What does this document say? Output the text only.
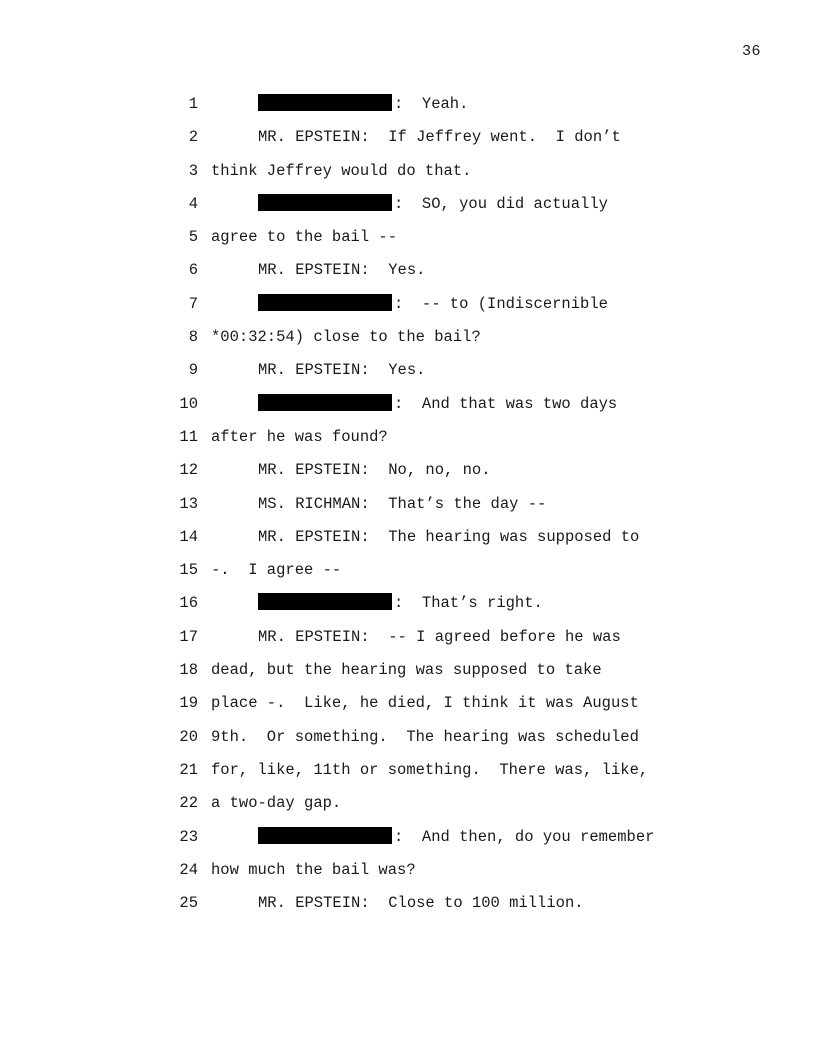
36
1	:  Yeah.
2	MR. EPSTEIN:  If Jeffrey went.  I don’t
3 think Jeffrey would do that.
4	:  SO, you did actually
5 agree to the bail --
6	MR. EPSTEIN:  Yes.
7	:  -- to (Indiscernible
8 *00:32:54) close to the bail?
9	MR. EPSTEIN:  Yes.
10	:  And that was two days
11 after he was found?
12	MR. EPSTEIN:  No, no, no.
13	MS. RICHMAN:  That’s the day --
14	MR. EPSTEIN:  The hearing was supposed to
15 -.  I agree --
16	:  That’s right.
17	MR. EPSTEIN:  -- I agreed before he was
18 dead, but the hearing was supposed to take
19 place -.  Like, he died, I think it was August
20 9th.  Or something.  The hearing was scheduled
21 for, like, 11th or something.  There was, like,
22 a two-day gap.
23	:  And then, do you remember
24 how much the bail was?
25	MR. EPSTEIN:  Close to 100 million.
